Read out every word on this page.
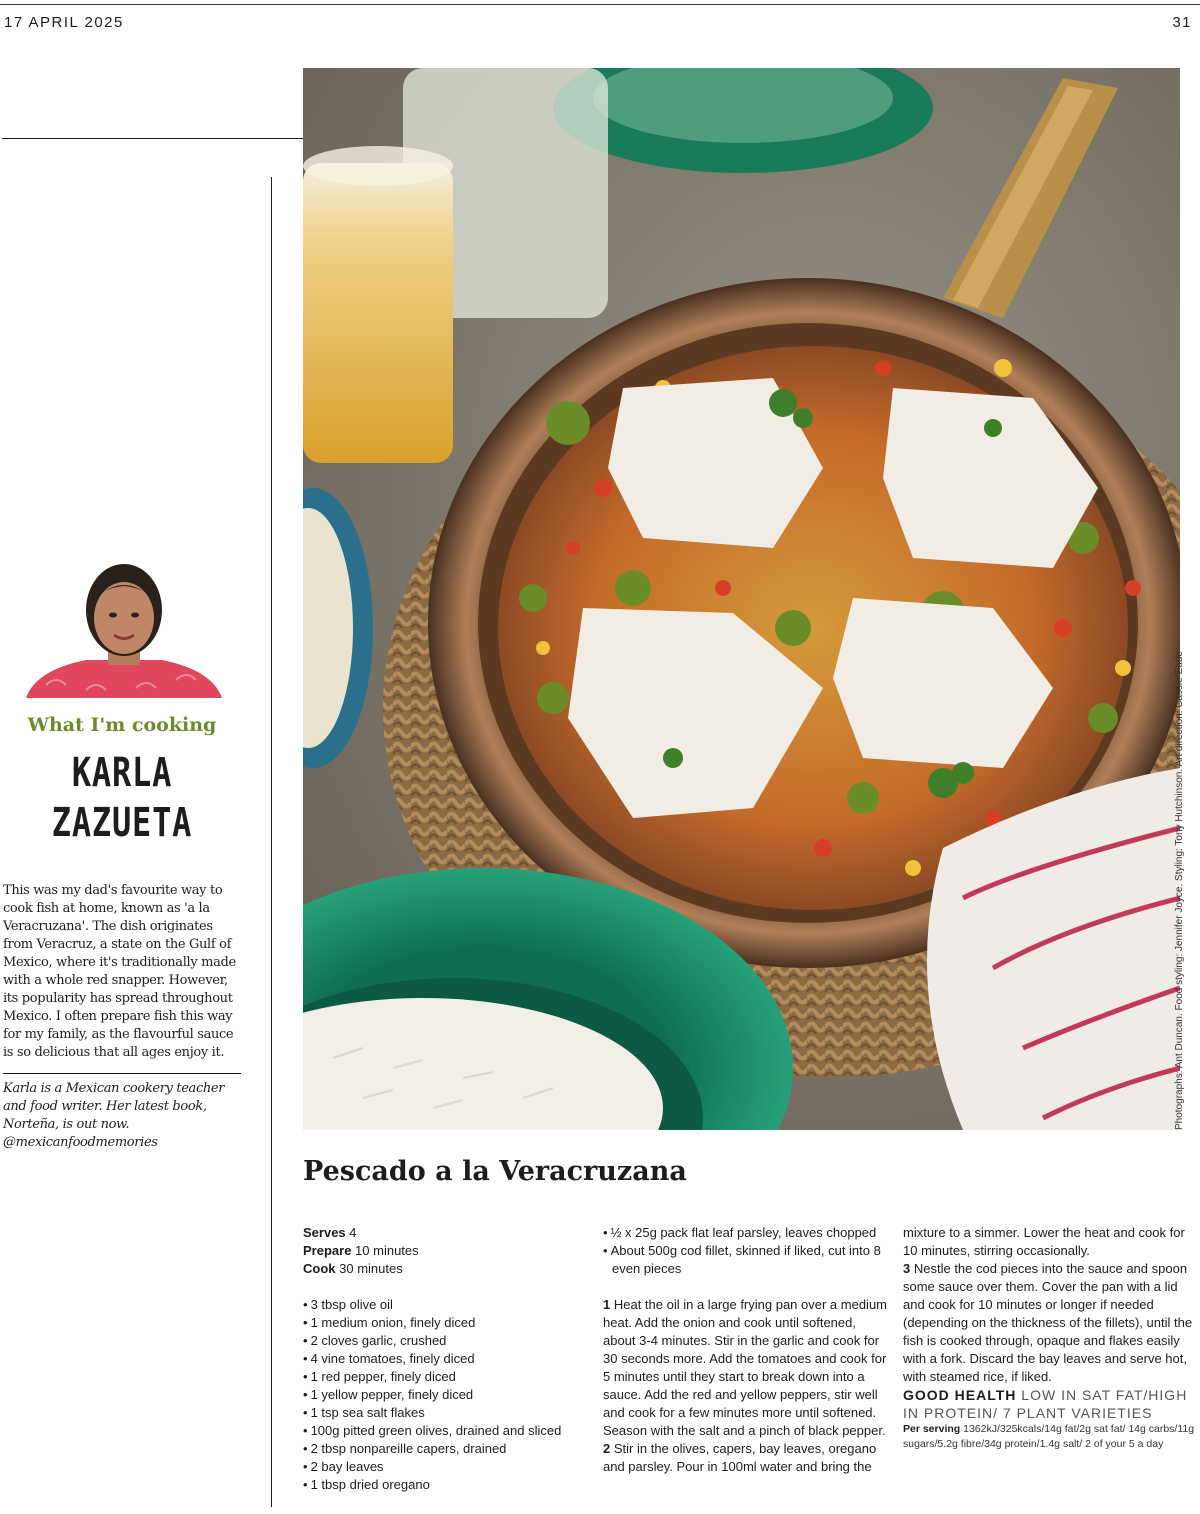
17 APRIL 2025	31
Photographs: Ant Duncan. Food styling: Jennifer Joyce. Styling: Tony Hutchinson. Art direction: Cassie Eade
What I'm cooking
KARLA
ZAZUETA

This was my dad's favourite way to cook fish at home, known as 'a la Veracruzana'. The dish originates from Veracruz, a state on the Gulf of Mexico, where it's traditionally made with a whole red snapper. However, its popularity has spread throughout Mexico. I often prepare fish this way for my family, as the flavourful sauce is so delicious that all ages enjoy it.

Karla is a Mexican cookery teacher and food writer. Her latest book, Norteña, is out now. @mexicanfoodmemories

Pescado a la Veracruzana

Serves 4

Prepare 10 minutes

Cook 30 minutes

• 3 tbsp olive oil
• 1 medium onion, finely diced
• 2 cloves garlic, crushed
• 4 vine tomatoes, finely diced
• 1 red pepper, finely diced
• 1 yellow pepper, finely diced
• 1 tsp sea salt flakes
• 100g pitted green olives, drained and sliced
• 2 tbsp nonpareille capers, drained
• 2 bay leaves
• 1 tbsp dried oregano
• ½ x 25g pack flat leaf parsley, leaves chopped
• About 500g cod fillet, skinned if liked, cut into 8 even pieces

1 Heat the oil in a large frying pan over a medium heat. Add the onion and cook until softened, about 3-4 minutes. Stir in the garlic and cook for 30 seconds more. Add the tomatoes and cook for 5 minutes until they start to break down into a sauce. Add the red and yellow peppers, stir well and cook for a few minutes more until softened. Season with the salt and a pinch of black pepper.

2 Stir in the olives, capers, bay leaves, oregano and parsley. Pour in 100ml water and bring the

mixture to a simmer. Lower the heat and cook for 10 minutes, stirring occasionally.

3 Nestle the cod pieces into the sauce and spoon some sauce over them. Cover the pan with a lid and cook for 10 minutes or longer if needed (depending on the thickness of the fillets), until the fish is cooked through, opaque and flakes easily with a fork. Discard the bay leaves and serve hot, with steamed rice, if liked.

GOOD HEALTH LOW IN SAT FAT/HIGH IN PROTEIN/ 7 PLANT VARIETIES

Per serving 1362kJ/325kcals/14g fat/2g sat fat/ 14g carbs/11g sugars/5.2g fibre/34g protein/1.4g salt/ 2 of your 5 a day
